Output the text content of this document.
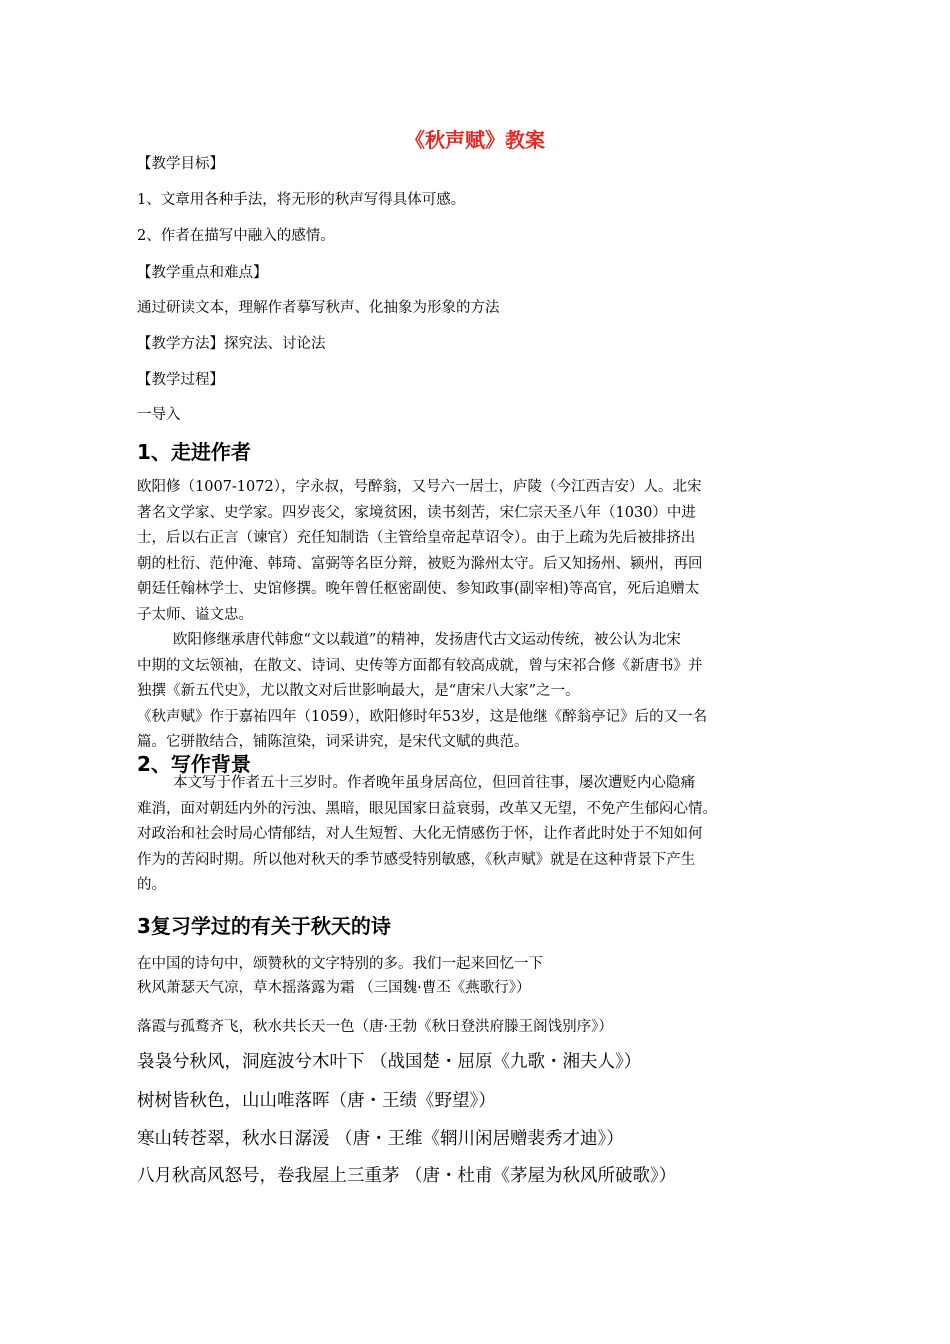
《秋声赋》教案
【教学目标】
1、文章用各种手法，将无形的秋声写得具体可感。
2、作者在描写中融入的感情。
【教学重点和难点】
通过研读文本，理解作者摹写秋声、化抽象为形象的方法
【教学方法】探究法、讨论法
【教学过程】
一导入
1、走进作者

欧阳修（1007-1072），字永叔，号醉翁，又号六一居士，庐陵（今江西吉安）人。北宋

著名文学家、史学家。四岁丧父，家境贫困，读书刻苦，宋仁宗天圣八年（1030）中进

士，后以右正言（谏官）充任知制诰（主管给皇帝起草诏令）。由于上疏为先后被排挤出

朝的杜衍、范仲淹、韩琦、富弼等名臣分辩，被贬为滁州太守。后又知扬州、颍州，再回

朝廷任翰林学士、史馆修撰。晚年曾任枢密副使、参知政事(副宰相)等高官，死后追赠太

子太师、谥文忠。

欧阳修继承唐代韩愈“文以载道”的精神，发扬唐代古文运动传统，被公认为北宋

中期的文坛领袖，在散文、诗词、史传等方面都有较高成就，曾与宋祁合修《新唐书》并

独撰《新五代史》，尤以散文对后世影响最大，是“唐宋八大家”之一。

《秋声赋》作于嘉祐四年（1059），欧阳修时年53岁，这是他继《醉翁亭记》后的又一名

篇。它骈散结合，铺陈渲染，词采讲究，是宋代文赋的典范。

2、写作背景

本文写于作者五十三岁时。作者晚年虽身居高位，但回首往事，屡次遭贬内心隐痛

难消，面对朝廷内外的污浊、黑暗，眼见国家日益衰弱，改革又无望，不免产生郁闷心情。

对政治和社会时局心情郁结，对人生短暂、大化无情感伤于怀，让作者此时处于不知如何

作为的苦闷时期。所以他对秋天的季节感受特别敏感，《秋声赋》就是在这种背景下产生

的。

3复习学过的有关于秋天的诗
在中国的诗句中，颂赞秋的文字特别的多。我们一起来回忆一下
秋风萧瑟天气凉，草木摇落露为霜 （三国魏·曹丕《燕歌行》）
落霞与孤鹜齐飞，秋水共长天一色（唐·王勃《秋日登洪府滕王阁饯别序》）
袅袅兮秋风，洞庭波兮木叶下 （战国楚・屈原《九歌・湘夫人》）
树树皆秋色，山山唯落晖（唐・王绩《野望》）
寒山转苍翠，秋水日潺湲 （唐・王维《辋川闲居赠裴秀才迪》）
八月秋高风怒号，卷我屋上三重茅 （唐・杜甫《茅屋为秋风所破歌》）
